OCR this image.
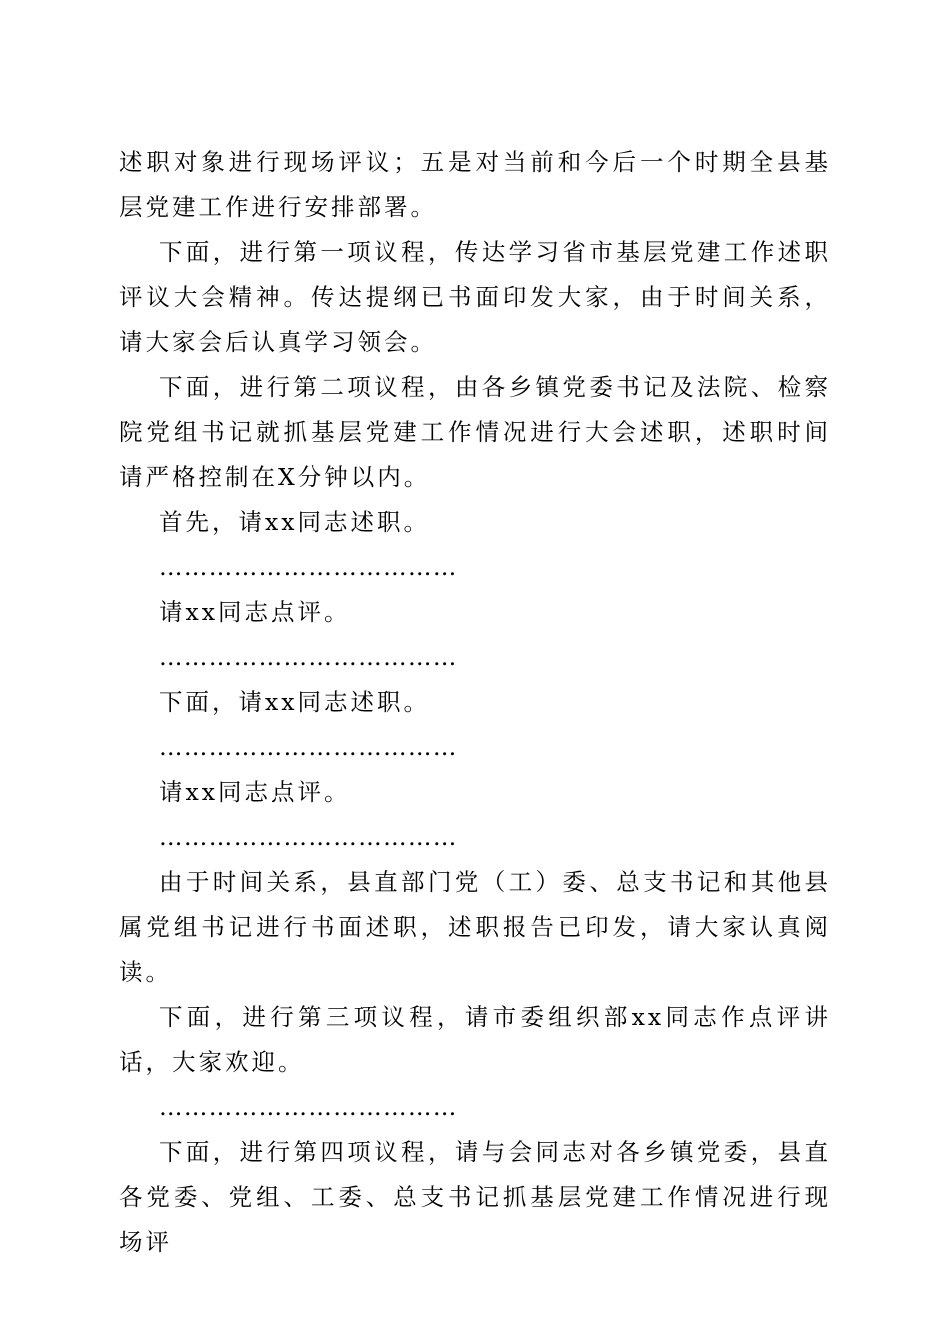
述职对象进行现场评议；五是对当前和今后一个时期全县基层党建工作进行安排部署。

下面，进行第一项议程，传达学习省市基层党建工作述职评议大会精神。传达提纲已书面印发大家，由于时间关系，请大家会后认真学习领会。

下面，进行第二项议程，由各乡镇党委书记及法院、检察院党组书记就抓基层党建工作情况进行大会述职，述职时间请严格控制在X分钟以内。

首先，请xx同志述职。

………………………………

请xx同志点评。

………………………………

下面，请xx同志述职。

………………………………

请xx同志点评。

………………………………

由于时间关系，县直部门党（工）委、总支书记和其他县属党组书记进行书面述职，述职报告已印发，请大家认真阅读。

下面，进行第三项议程，请市委组织部xx同志作点评讲话，大家欢迎。

………………………………

下面，进行第四项议程，请与会同志对各乡镇党委，县直各党委、党组、工委、总支书记抓基层党建工作情况进行现场评
